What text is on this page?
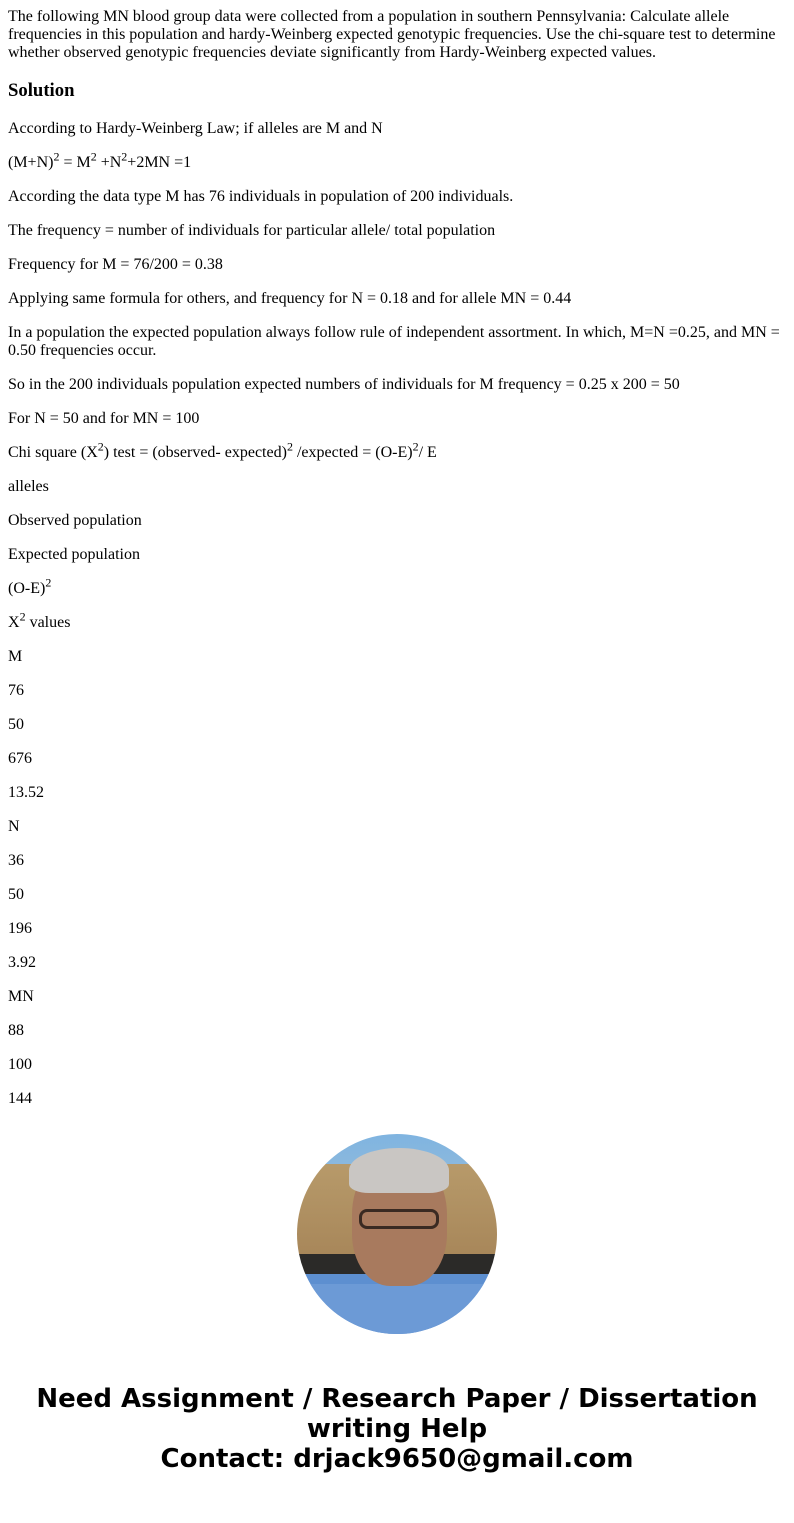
The following MN blood group data were collected from a population in southern Pennsylvania: Calculate allele frequencies in this population and hardy-Weinberg expected genotypic frequencies. Use the chi-square test to determine whether observed genotypic frequencies deviate significantly from Hardy-Weinberg expected values.

Solution

According to Hardy-Weinberg Law; if alleles are M and N

$(M+N)^2 = M^2 +N^2+2MN =1$

According the data type M has 76 individuals in population of 200 individuals.

The frequency = number of individuals for particular allele/ total population

Frequency for M = 76/200 = 0.38

Applying same formula for others, and frequency for N = 0.18 and for allele MN = 0.44

In a population the expected population always follow rule of independent assortment. In which, M=N =0.25, and MN = 0.50 frequencies occur.

So in the 200 individuals population expected numbers of individuals for M frequency = 0.25 x 200 = 50

For N = 50 and for MN = 100

Chi square $(X^2)$ test = (observed- expected)$^2$ /expected = $(O-E)^2/$ E

alleles

Observed population

Expected population

$(O-E)^2$

$X^2$ values

M

76

50

676

13.52

N

36

50

196

3.92

MN

88

100

144

Need Assignment / Research Paper / Dissertation writing Help
Contact: drjack9650@gmail.com
